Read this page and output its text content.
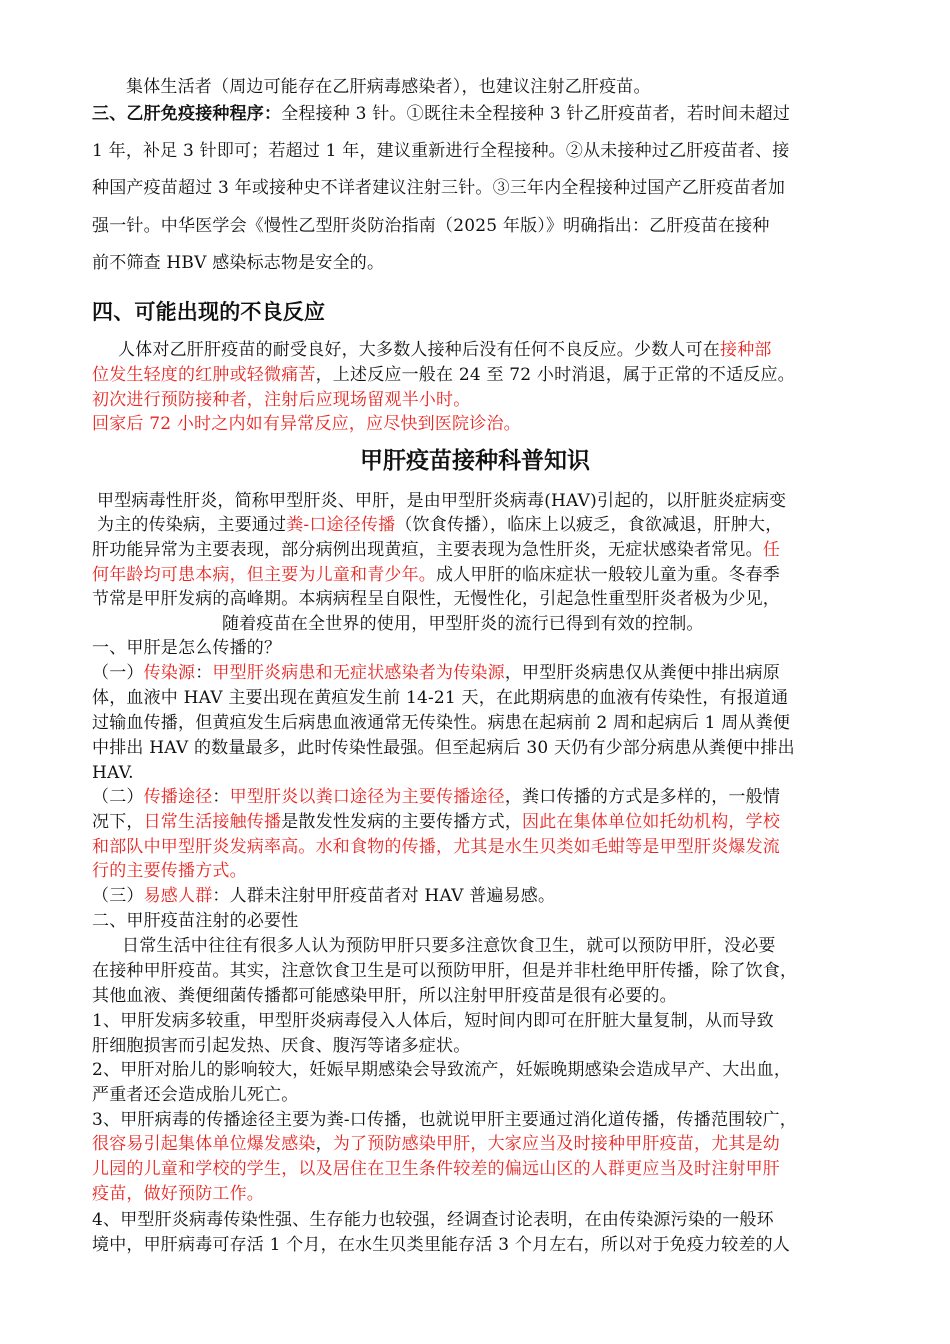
集体生活者（周边可能存在乙肝病毒感染者），也建议注射乙肝疫苗。
三、乙肝免疫接种程序：全程接种 3 针。①既往未全程接种 3 针乙肝疫苗者，若时间未超过
1 年，补足 3 针即可；若超过 1 年，建议重新进行全程接种。②从未接种过乙肝疫苗者、接
种国产疫苗超过 3 年或接种史不详者建议注射三针。③三年内全程接种过国产乙肝疫苗者加
强一针。中华医学会《慢性乙型肝炎防治指南（2025 年版）》明确指出：乙肝疫苗在接种
前不筛查 HBV 感染标志物是安全的。
四、可能出现的不良反应
人体对乙肝肝疫苗的耐受良好，大多数人接种后没有任何不良反应。少数人可在接种部
位发生轻度的红肿或轻微痛苦，上述反应一般在 24 至 72 小时消退，属于正常的不适反应。
初次进行预防接种者，注射后应现场留观半小时。
回家后 72 小时之内如有异常反应，应尽快到医院诊治。
甲肝疫苗接种科普知识
甲型病毒性肝炎，简称甲型肝炎、甲肝，是由甲型肝炎病毒(HAV)引起的，以肝脏炎症病变
为主的传染病，主要通过粪-口途径传播（饮食传播），临床上以疲乏，食欲减退，肝肿大，
肝功能异常为主要表现，部分病例出现黄疸，主要表现为急性肝炎，无症状感染者常见。任
何年龄均可患本病，但主要为儿童和青少年。成人甲肝的临床症状一般较儿童为重。冬春季
节常是甲肝发病的高峰期。本病病程呈自限性，无慢性化，引起急性重型肝炎者极为少见，
随着疫苗在全世界的使用，甲型肝炎的流行已得到有效的控制。
一、甲肝是怎么传播的？
（一）传染源：甲型肝炎病患和无症状感染者为传染源，甲型肝炎病患仅从粪便中排出病原
体，血液中 HAV 主要出现在黄疸发生前 14-21 天，在此期病患的血液有传染性，有报道通
过输血传播，但黄疸发生后病患血液通常无传染性。病患在起病前 2 周和起病后 1 周从粪便
中排出 HAV 的数量最多，此时传染性最强。但至起病后 30 天仍有少部分病患从粪便中排出
HAV.
（二）传播途径：甲型肝炎以粪口途径为主要传播途径，粪口传播的方式是多样的，一般情
况下，日常生活接触传播是散发性发病的主要传播方式，因此在集体单位如托幼机构，学校
和部队中甲型肝炎发病率高。水和食物的传播，尤其是水生贝类如毛蚶等是甲型肝炎爆发流
行的主要传播方式。
（三）易感人群：人群未注射甲肝疫苗者对 HAV 普遍易感。
二、甲肝疫苗注射的必要性
日常生活中往往有很多人认为预防甲肝只要多注意饮食卫生，就可以预防甲肝，没必要
在接种甲肝疫苗。其实，注意饮食卫生是可以预防甲肝，但是并非杜绝甲肝传播，除了饮食，
其他血液、粪便细菌传播都可能感染甲肝，所以注射甲肝疫苗是很有必要的。
1、甲肝发病多较重，甲型肝炎病毒侵入人体后，短时间内即可在肝脏大量复制，从而导致
肝细胞损害而引起发热、厌食、腹泻等诸多症状。
2、甲肝对胎儿的影响较大，妊娠早期感染会导致流产，妊娠晚期感染会造成早产、大出血，
严重者还会造成胎儿死亡。
3、甲肝病毒的传播途径主要为粪-口传播，也就说甲肝主要通过消化道传播，传播范围较广，
很容易引起集体单位爆发感染，为了预防感染甲肝，大家应当及时接种甲肝疫苗，尤其是幼
儿园的儿童和学校的学生，以及居住在卫生条件较差的偏远山区的人群更应当及时注射甲肝
疫苗，做好预防工作。
4、甲型肝炎病毒传染性强、生存能力也较强，经调查讨论表明，在由传染源污染的一般环
境中，甲肝病毒可存活 1 个月，在水生贝类里能存活 3 个月左右，所以对于免疫力较差的人
